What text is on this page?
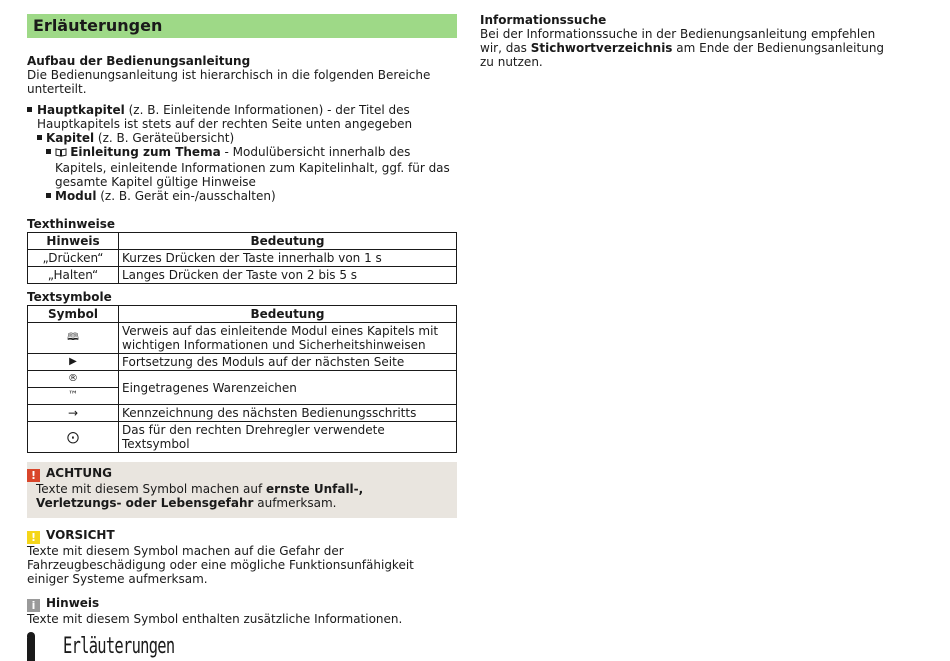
Erläuterungen

Aufbau der Bedienungsanleitung

Die Bedienungsanleitung ist hierarchisch in die folgenden Bereiche unterteilt.

Hauptkapitel (z. B. Einleitende Informationen) - der Titel des Hauptkapitels ist stets auf der rechten Seite unten angegeben
Kapitel (z. B. Geräteübersicht)
Einleitung zum Thema - Modulübersicht innerhalb des Kapitels, einleitende Informationen zum Kapitelinhalt, ggf. für das gesamte Kapitel gültige Hinweise
Modul (z. B. Gerät ein-/ausschalten)

Texthinweise

Hinweis	Bedeutung
„Drücken“	Kurzes Drücken der Taste innerhalb von 1 s
„Halten“	Langes Drücken der Taste von 2 bis 5 s

Textsymbole

Symbol	Bedeutung
🕮	Verweis auf das einleitende Modul eines Kapitels mit wichtigen Informationen und Sicherheitshinweisen
▶	Fortsetzung des Moduls auf der nächsten Seite
®	Eingetragenes Warenzeichen
™	
→	Kennzeichnung des nächsten Bedienungsschritts
⨀	Das für den rechten Drehregler verwendete Textsymbol
! ACHTUNG

Texte mit diesem Symbol machen auf ernste Unfall-, Verletzungs- oder Lebensgefahr aufmerksam.

! VORSICHT

Texte mit diesem Symbol machen auf die Gefahr der Fahrzeugbeschädigung oder eine mögliche Funktionsunfähigkeit einiger Systeme aufmerksam.

i Hinweis

Texte mit diesem Symbol enthalten zusätzliche Informationen.

Informationssuche

Bei der Informationssuche in der Bedienungsanleitung empfehlen wir, das Stichwortverzeichnis am Ende der Bedienungsanleitung zu nutzen.

4 Erläuterungen
